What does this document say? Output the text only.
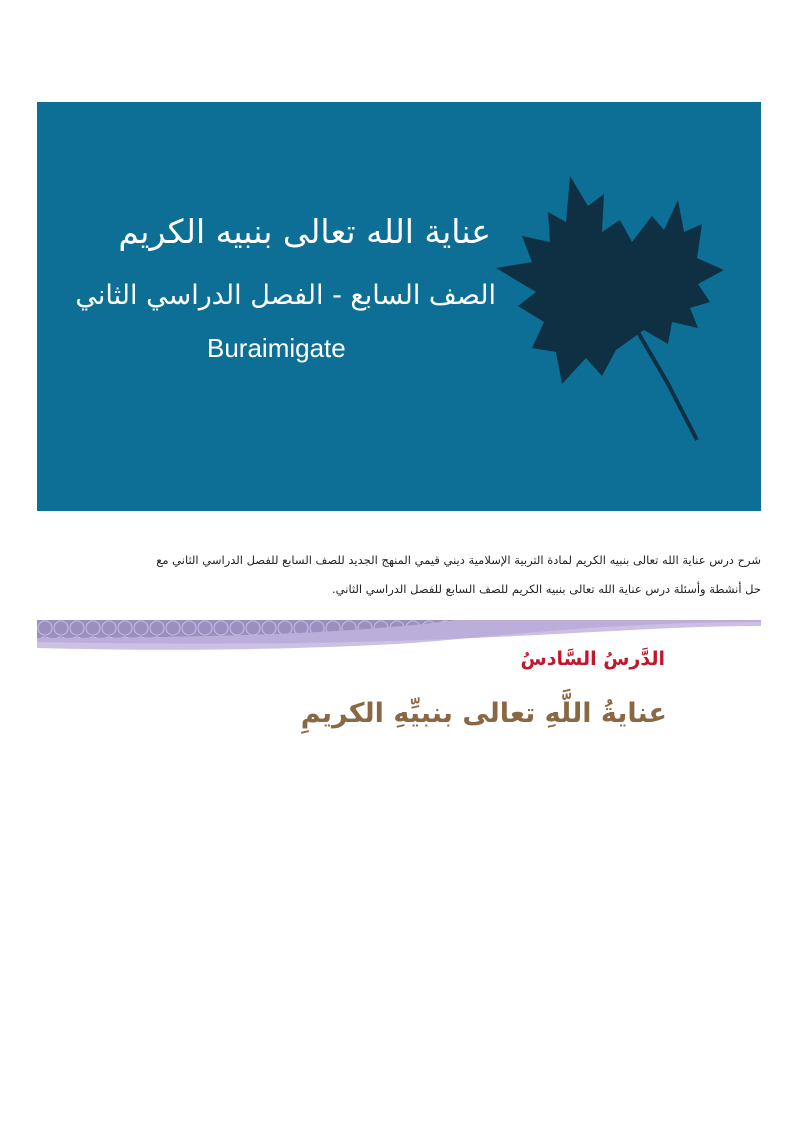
عناية الله تعالى بنبيه الكريم
الصف السابع - الفصل الدراسي الثاني
Buraimigate
شرح درس عناية الله تعالى بنبيه الكريم لمادة التربية الإسلامية ديني قيمي المنهج الجديد للصف السابع للفصل الدراسي الثاني مع
حل أنشطة وأسئلة درس عناية الله تعالى بنبيه الكريم للصف السابع للفصل الدراسي الثاني.
الدَّرسُ السَّادسُ
عنايةُ اللَّهِ تعالى بنبيِّهِ الكريمِ
